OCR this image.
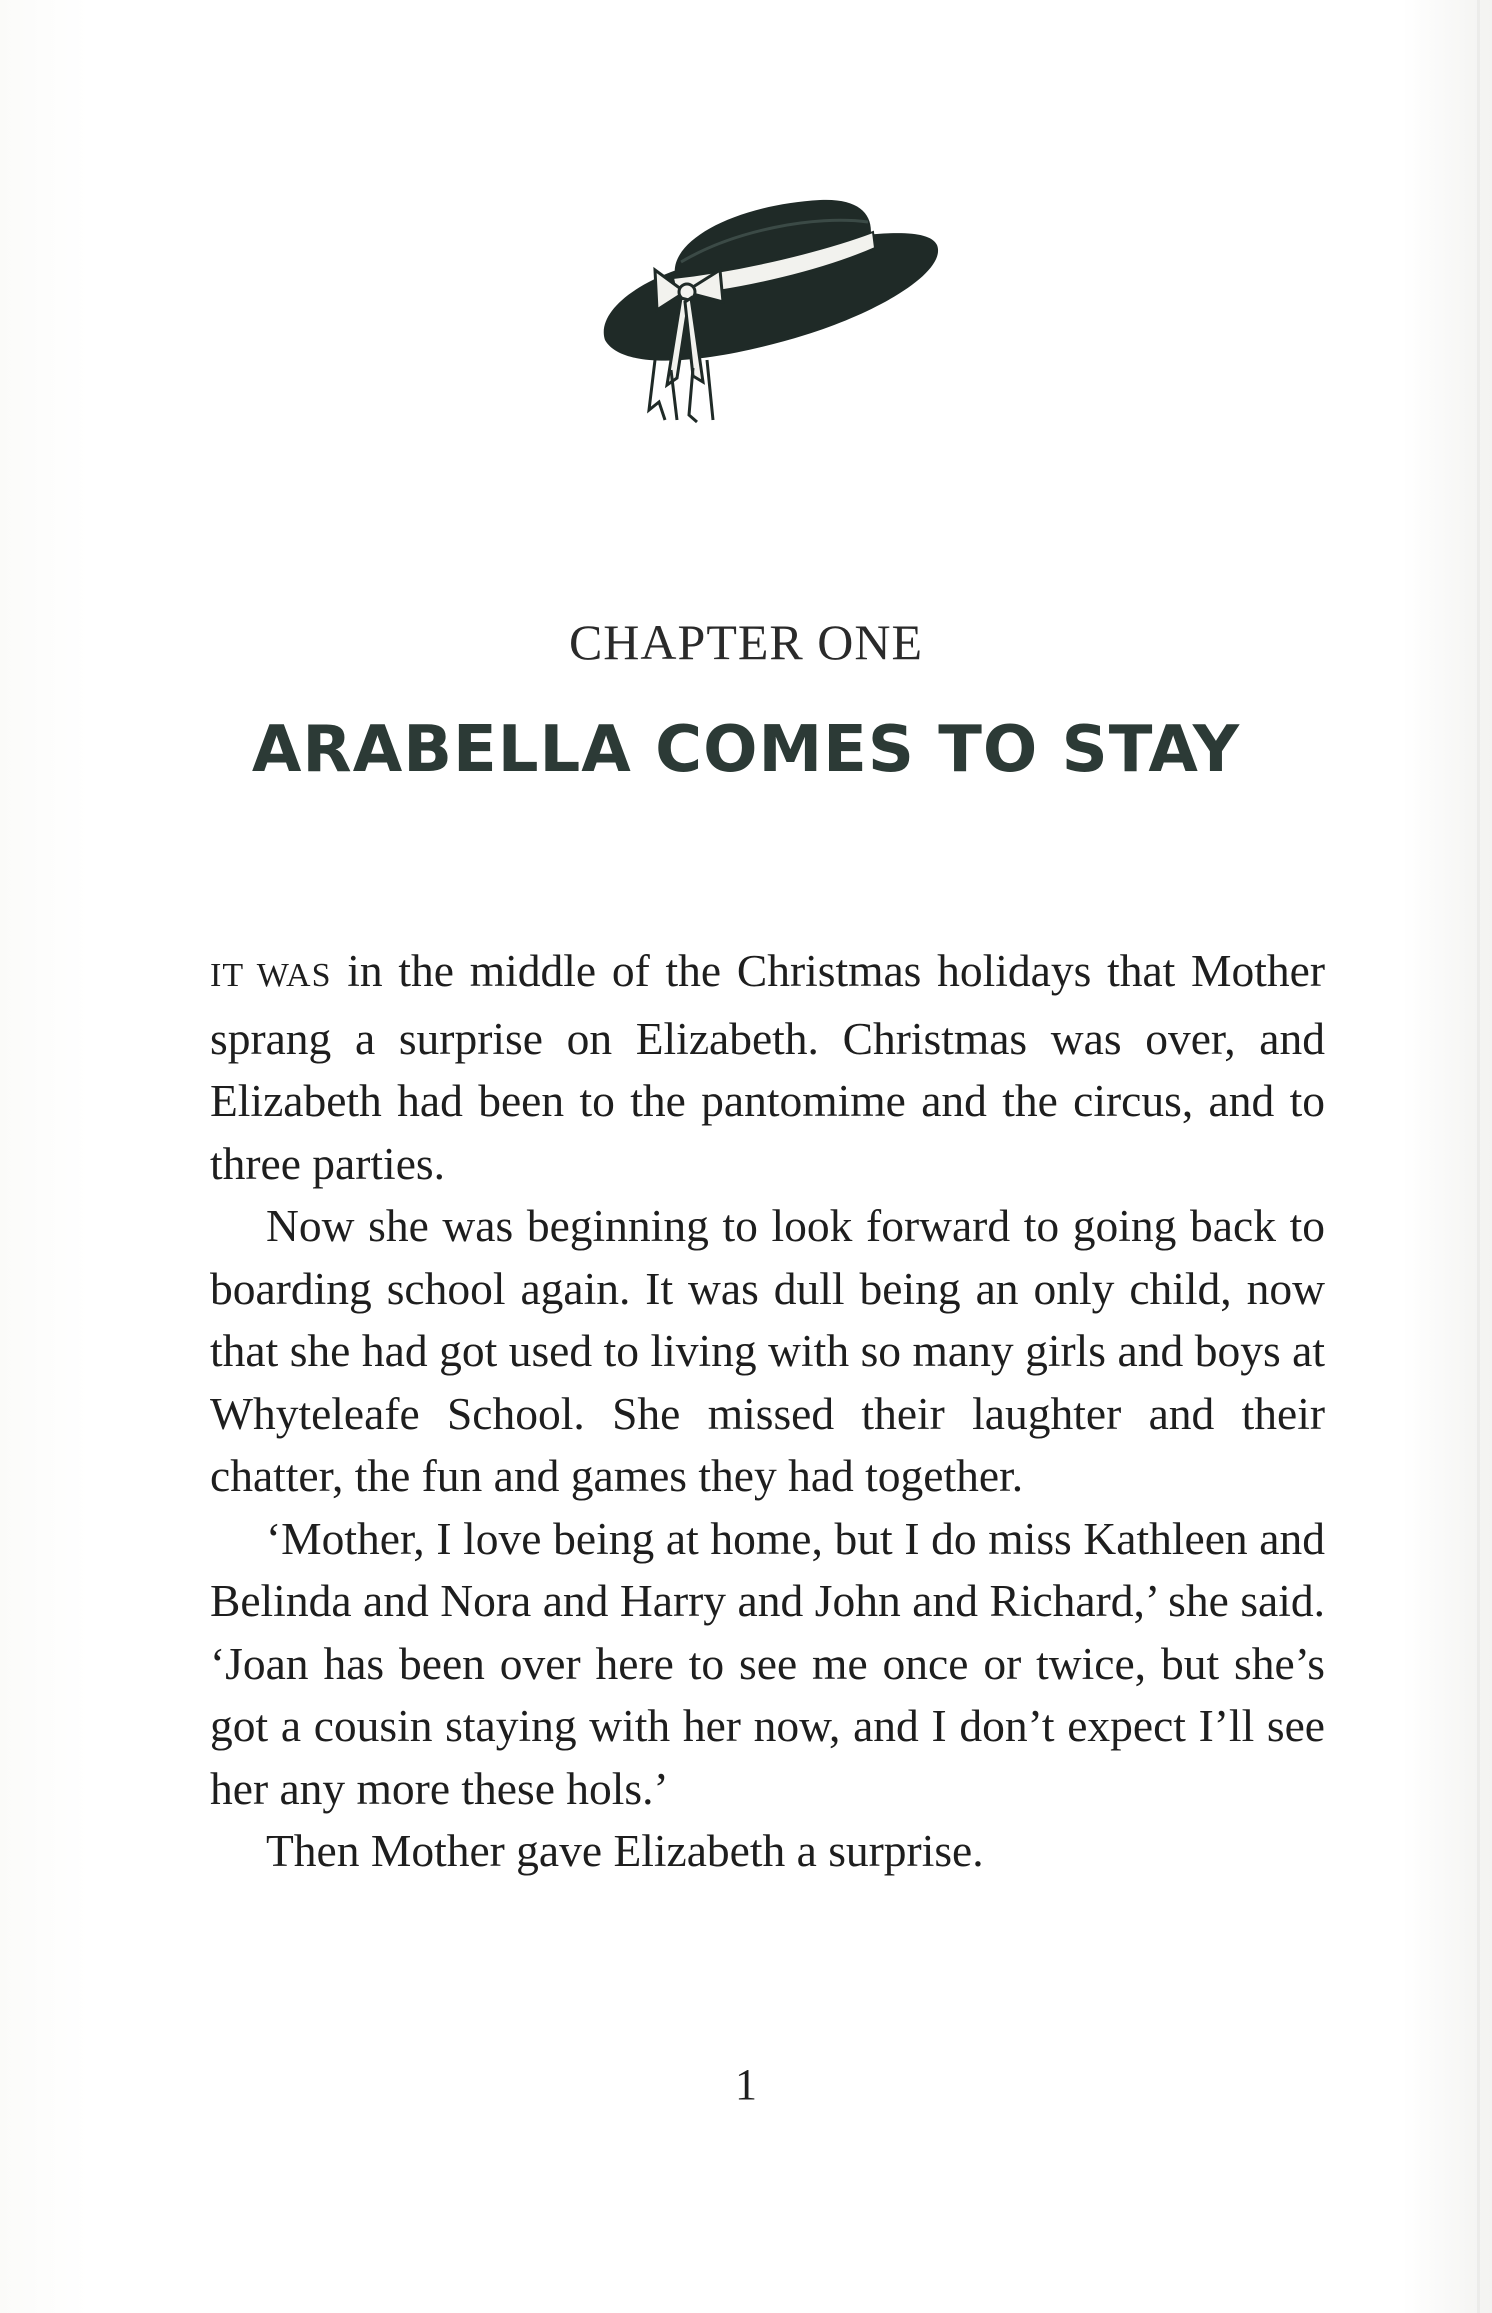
CHAPTER ONE
ARABELLA COMES TO STAY

IT WAS in the middle of the Christmas holidays that Mother sprang a surprise on Elizabeth. Christmas was over, and Elizabeth had been to the pantomime and the circus, and to three parties.

Now she was beginning to look forward to going back to boarding school again. It was dull being an only child, now that she had got used to living with so many girls and boys at Whyteleafe School. She missed their laughter and their chatter, the fun and games they had together.

‘Mother, I love being at home, but I do miss Kathleen and Belinda and Nora and Harry and John and Richard,’ she said. ‘Joan has been over here to see me once or twice, but she’s got a cousin staying with her now, and I don’t expect I’ll see her any more these hols.’

Then Mother gave Elizabeth a surprise.

1
